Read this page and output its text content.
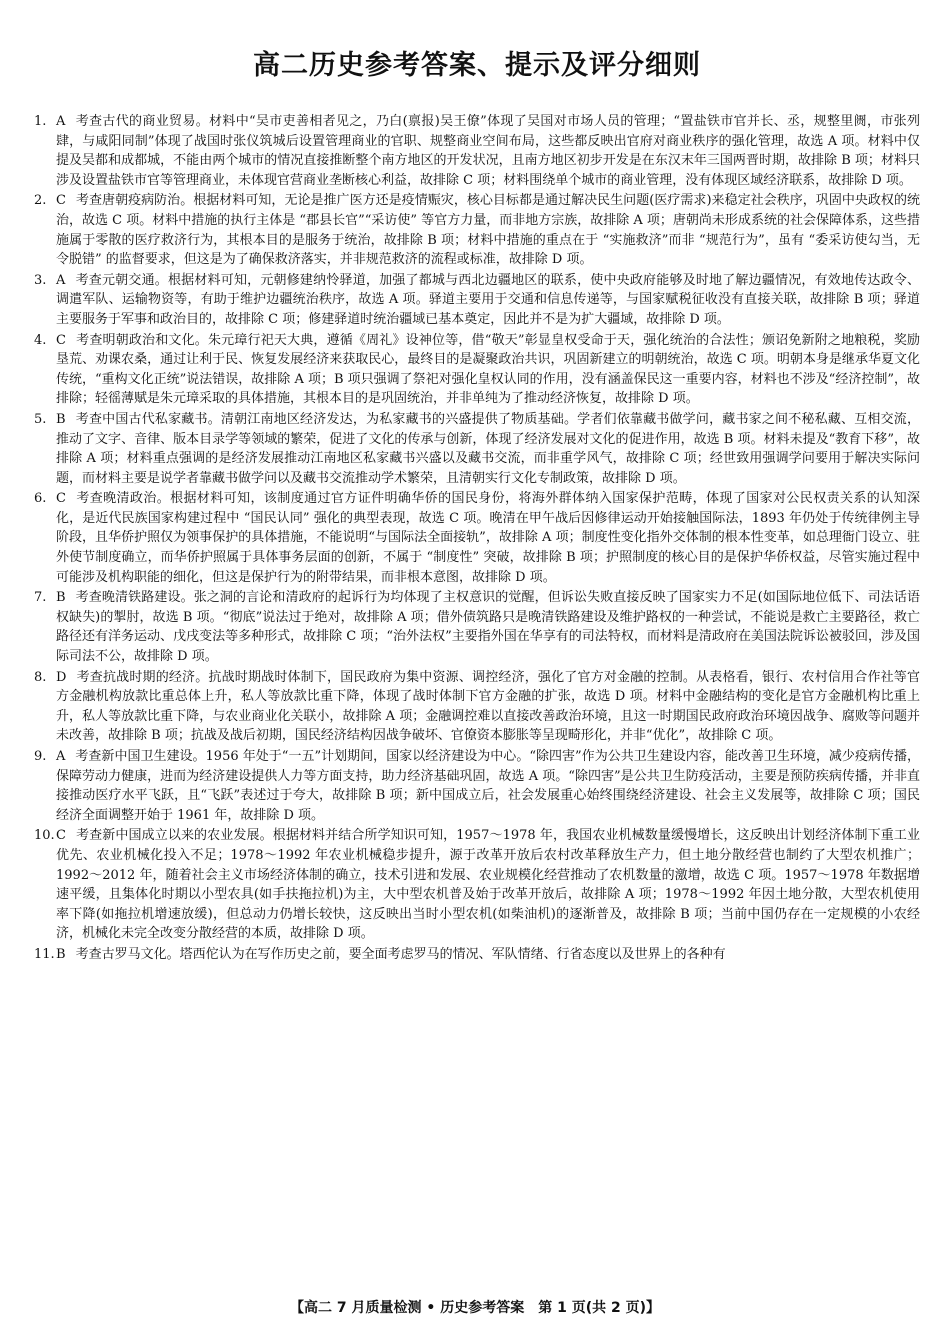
高二历史参考答案、提示及评分细则
1. A 考查古代的商业贸易。材料中“吴市吏善相者见之，乃白(禀报)吴王僚”体现了吴国对市场人员的管理；“置盐铁市官并长、丞，规整里阓，市张列肆，与咸阳同制”体现了战国时张仪筑城后设置管理商业的官职、规整商业空间布局，这些都反映出官府对商业秩序的强化管理，故选 A 项。材料中仅提及吴都和成都城，不能由两个城市的情况直接推断整个南方地区的开发状况，且南方地区初步开发是在东汉末年三国两晋时期，故排除 B 项；材料只涉及设置盐铁市官等管理商业，未体现官营商业垄断核心利益，故排除 C 项；材料围绕单个城市的商业管理，没有体现区域经济联系，故排除 D 项。
2. C 考查唐朝疫病防治。根据材料可知，无论是推广医方还是疫情赈灾，核心目标都是通过解决民生问题(医疗需求)来稳定社会秩序，巩固中央政权的统治，故选 C 项。材料中措施的执行主体是 “郡县长官”“采访使” 等官方力量，而非地方宗族，故排除 A 项；唐朝尚未形成系统的社会保障体系，这些措施属于零散的医疗救济行为，其根本目的是服务于统治，故排除 B 项；材料中措施的重点在于 “实施救济”而非 “规范行为”，虽有 “委采访使勾当，无令脱错” 的监督要求，但这是为了确保救济落实，并非规范救济的流程或标准，故排除 D 项。
3. A 考查元朝交通。根据材料可知，元朝修建纳怜驿道，加强了都城与西北边疆地区的联系，使中央政府能够及时地了解边疆情况，有效地传达政令、调遣军队、运输物资等，有助于维护边疆统治秩序，故选 A 项。驿道主要用于交通和信息传递等，与国家赋税征收没有直接关联，故排除 B 项；驿道主要服务于军事和政治目的，故排除 C 项；修建驿道时统治疆域已基本奠定，因此并不是为扩大疆域，故排除 D 项。
4. C 考查明朝政治和文化。朱元璋行祀天大典，遵循《周礼》设神位等，借“敬天”彰显皇权受命于天，强化统治的合法性；颁诏免新附之地粮税，奖励垦荒、劝课农桑，通过让利于民、恢复发展经济来获取民心，最终目的是凝聚政治共识，巩固新建立的明朝统治，故选 C 项。明朝本身是继承华夏文化传统，“重构文化正统”说法错误，故排除 A 项；B 项只强调了祭祀对强化皇权认同的作用，没有涵盖保民这一重要内容，材料也不涉及“经济控制”，故排除；轻徭薄赋是朱元璋采取的具体措施，其根本目的是巩固统治，并非单纯为了推动经济恢复，故排除 D 项。
5. B 考查中国古代私家藏书。清朝江南地区经济发达，为私家藏书的兴盛提供了物质基础。学者们依靠藏书做学问，藏书家之间不秘私藏、互相交流，推动了文字、音律、版本目录学等领域的繁荣，促进了文化的传承与创新，体现了经济发展对文化的促进作用，故选 B 项。材料未提及“教育下移”，故排除 A 项；材料重点强调的是经济发展推动江南地区私家藏书兴盛以及藏书交流，而非重学风气，故排除 C 项；经世致用强调学问要用于解决实际问题，而材料主要是说学者靠藏书做学问以及藏书交流推动学术繁荣，且清朝实行文化专制政策，故排除 D 项。
6. C 考查晚清政治。根据材料可知，该制度通过官方证件明确华侨的国民身份，将海外群体纳入国家保护范畴，体现了国家对公民权责关系的认知深化，是近代民族国家构建过程中 “国民认同” 强化的典型表现，故选 C 项。晚清在甲午战后因修律运动开始接触国际法，1893 年仍处于传统律例主导阶段，且华侨护照仅为领事保护的具体措施，不能说明“与国际法全面接轨”，故排除 A 项；制度性变化指外交体制的根本性变革，如总理衙门设立、驻外使节制度确立，而华侨护照属于具体事务层面的创新，不属于 “制度性” 突破，故排除 B 项；护照制度的核心目的是保护华侨权益，尽管实施过程中可能涉及机构职能的细化，但这是保护行为的附带结果，而非根本意图，故排除 D 项。
7. B 考查晚清铁路建设。张之洞的言论和清政府的起诉行为均体现了主权意识的觉醒，但诉讼失败直接反映了国家实力不足(如国际地位低下、司法话语权缺失)的掣肘，故选 B 项。“彻底”说法过于绝对，故排除 A 项；借外债筑路只是晚清铁路建设及维护路权的一种尝试，不能说是救亡主要路径，救亡路径还有洋务运动、戊戌变法等多种形式，故排除 C 项；“治外法权”主要指外国在华享有的司法特权，而材料是清政府在美国法院诉讼被驳回，涉及国际司法不公，故排除 D 项。
8. D 考查抗战时期的经济。抗战时期战时体制下，国民政府为集中资源、调控经济，强化了官方对金融的控制。从表格看，银行、农村信用合作社等官方金融机构放款比重总体上升，私人等放款比重下降，体现了战时体制下官方金融的扩张，故选 D 项。材料中金融结构的变化是官方金融机构比重上升，私人等放款比重下降，与农业商业化关联小，故排除 A 项；金融调控难以直接改善政治环境，且这一时期国民政府政治环境因战争、腐败等问题并未改善，故排除 B 项；抗战及战后初期，国民经济结构因战争破坏、官僚资本膨胀等呈现畸形化，并非“优化”，故排除 C 项。
9. A 考查新中国卫生建设。1956 年处于“一五”计划期间，国家以经济建设为中心。“除四害”作为公共卫生建设内容，能改善卫生环境，减少疫病传播，保障劳动力健康，进而为经济建设提供人力等方面支持，助力经济基础巩固，故选 A 项。“除四害”是公共卫生防疫活动，主要是预防疾病传播，并非直接推动医疗水平飞跃，且“飞跃”表述过于夸大，故排除 B 项；新中国成立后，社会发展重心始终围绕经济建设、社会主义发展等，故排除 C 项；国民经济全面调整开始于 1961 年，故排除 D 项。
10. C 考查新中国成立以来的农业发展。根据材料并结合所学知识可知，1957～1978 年，我国农业机械数量缓慢增长，这反映出计划经济体制下重工业优先、农业机械化投入不足；1978～1992 年农业机械稳步提升，源于改革开放后农村改革释放生产力，但土地分散经营也制约了大型农机推广；1992～2012 年，随着社会主义市场经济体制的确立，技术引进和发展、农业规模化经营推动了农机数量的激增，故选 C 项。1957～1978 年数据增速平缓，且集体化时期以小型农具(如手扶拖拉机)为主，大中型农机普及始于改革开放后，故排除 A 项；1978～1992 年因土地分散，大型农机使用率下降(如拖拉机增速放缓)，但总动力仍增长较快，这反映出当时小型农机(如柴油机)的逐渐普及，故排除 B 项；当前中国仍存在一定规模的小农经济，机械化未完全改变分散经营的本质，故排除 D 项。
11. B 考查古罗马文化。塔西佗认为在写作历史之前，要全面考虑罗马的情况、军队情绪、行省态度以及世界上的各种有
【高二 7 月质量检测 • 历史参考答案　第 1 页(共 2 页)】
